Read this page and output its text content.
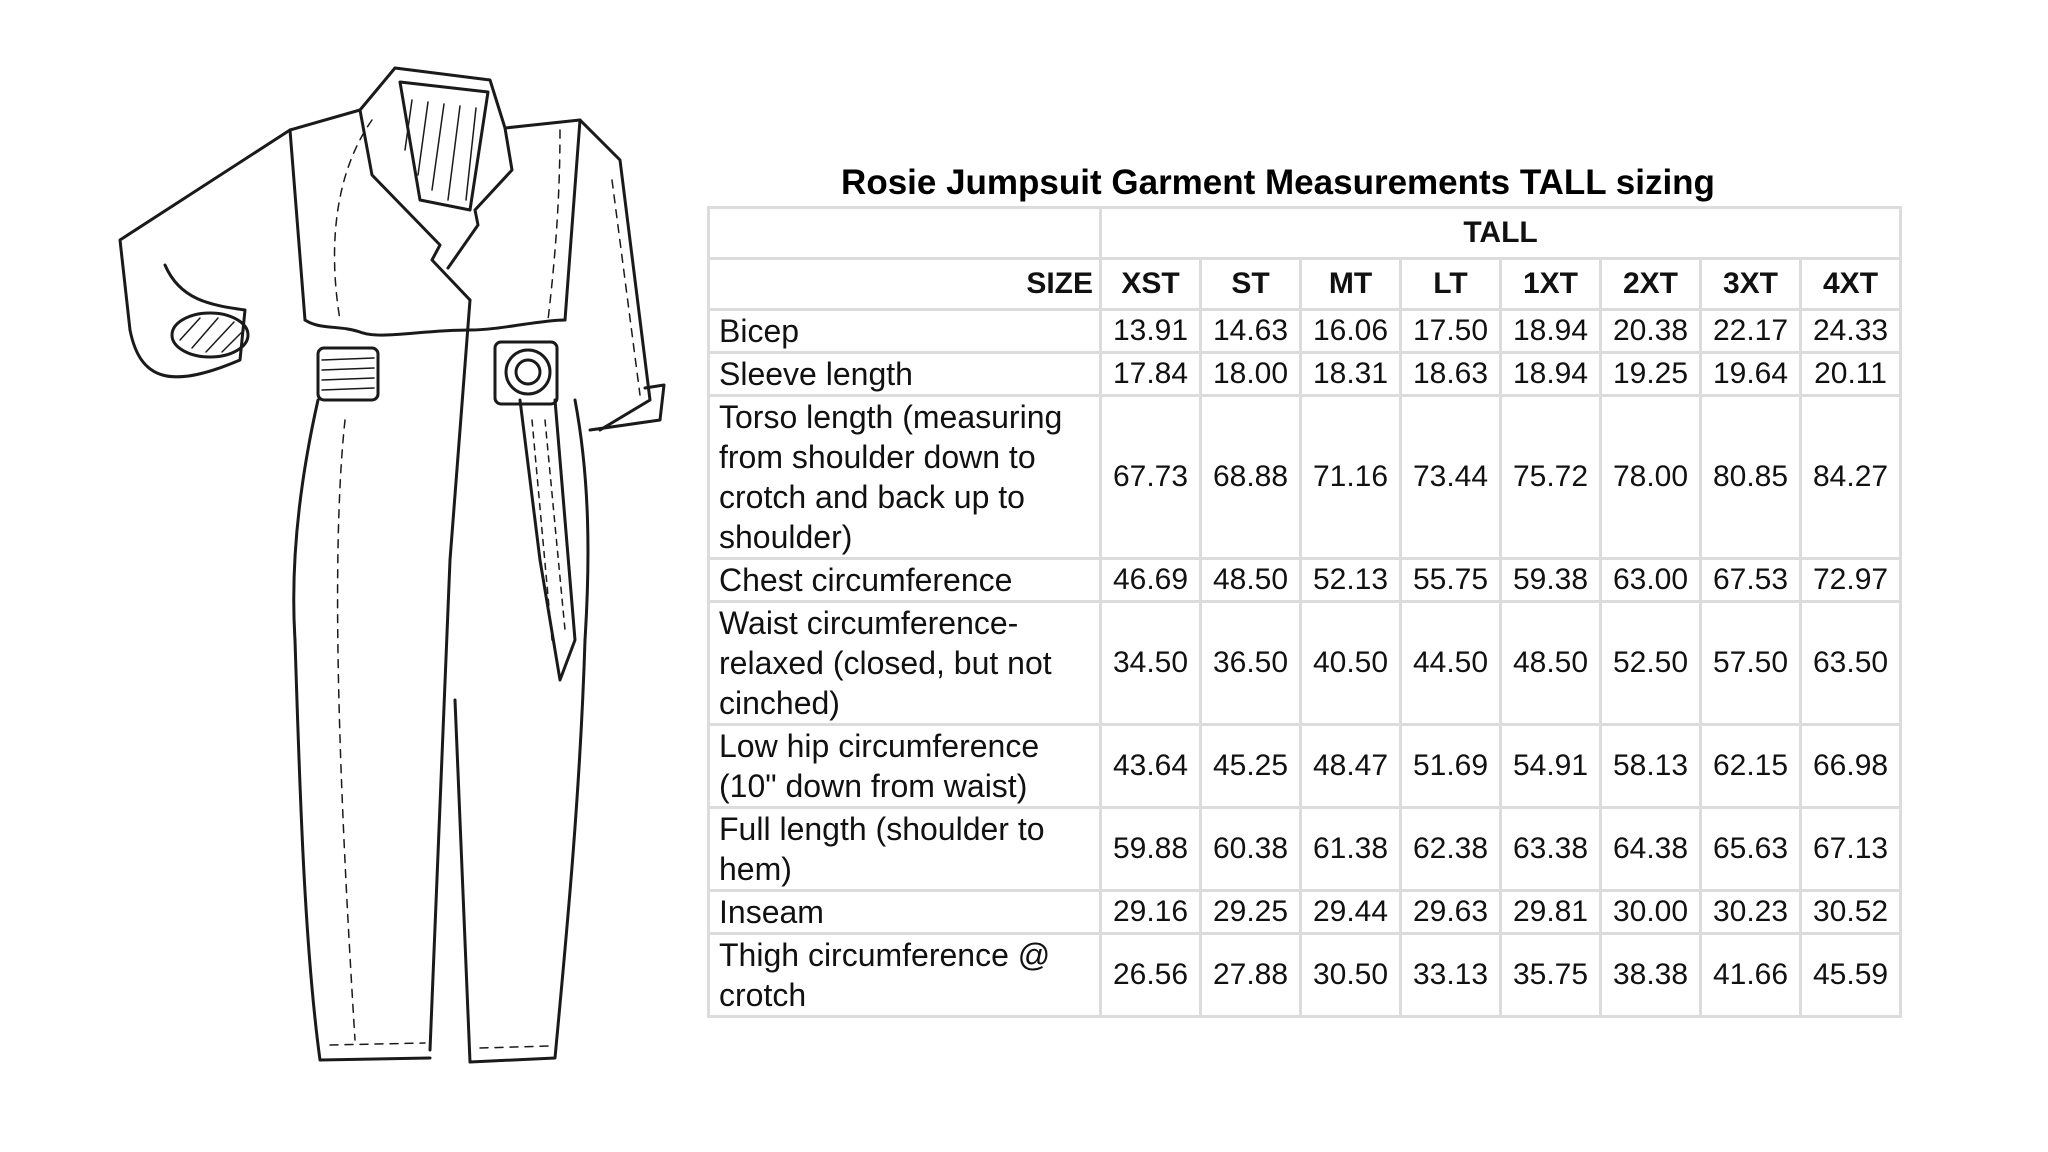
Rosie Jumpsuit Garment Measurements TALL sizing
	TALL							
SIZE	XST	ST	MT	LT	1XT	2XT	3XT	4XT
Bicep	13.91	14.63	16.06	17.50	18.94	20.38	22.17	24.33
Sleeve length	17.84	18.00	18.31	18.63	18.94	19.25	19.64	20.11
Torso length (measuring from shoulder down to crotch and back up to shoulder)	67.73	68.88	71.16	73.44	75.72	78.00	80.85	84.27
Chest circumference	46.69	48.50	52.13	55.75	59.38	63.00	67.53	72.97
Waist circumference- relaxed (closed, but not cinched)	34.50	36.50	40.50	44.50	48.50	52.50	57.50	63.50
Low hip circumference (10" down from waist)	43.64	45.25	48.47	51.69	54.91	58.13	62.15	66.98
Full length (shoulder to hem)	59.88	60.38	61.38	62.38	63.38	64.38	65.63	67.13
Inseam	29.16	29.25	29.44	29.63	29.81	30.00	30.23	30.52
Thigh circumference @ crotch	26.56	27.88	30.50	33.13	35.75	38.38	41.66	45.59
